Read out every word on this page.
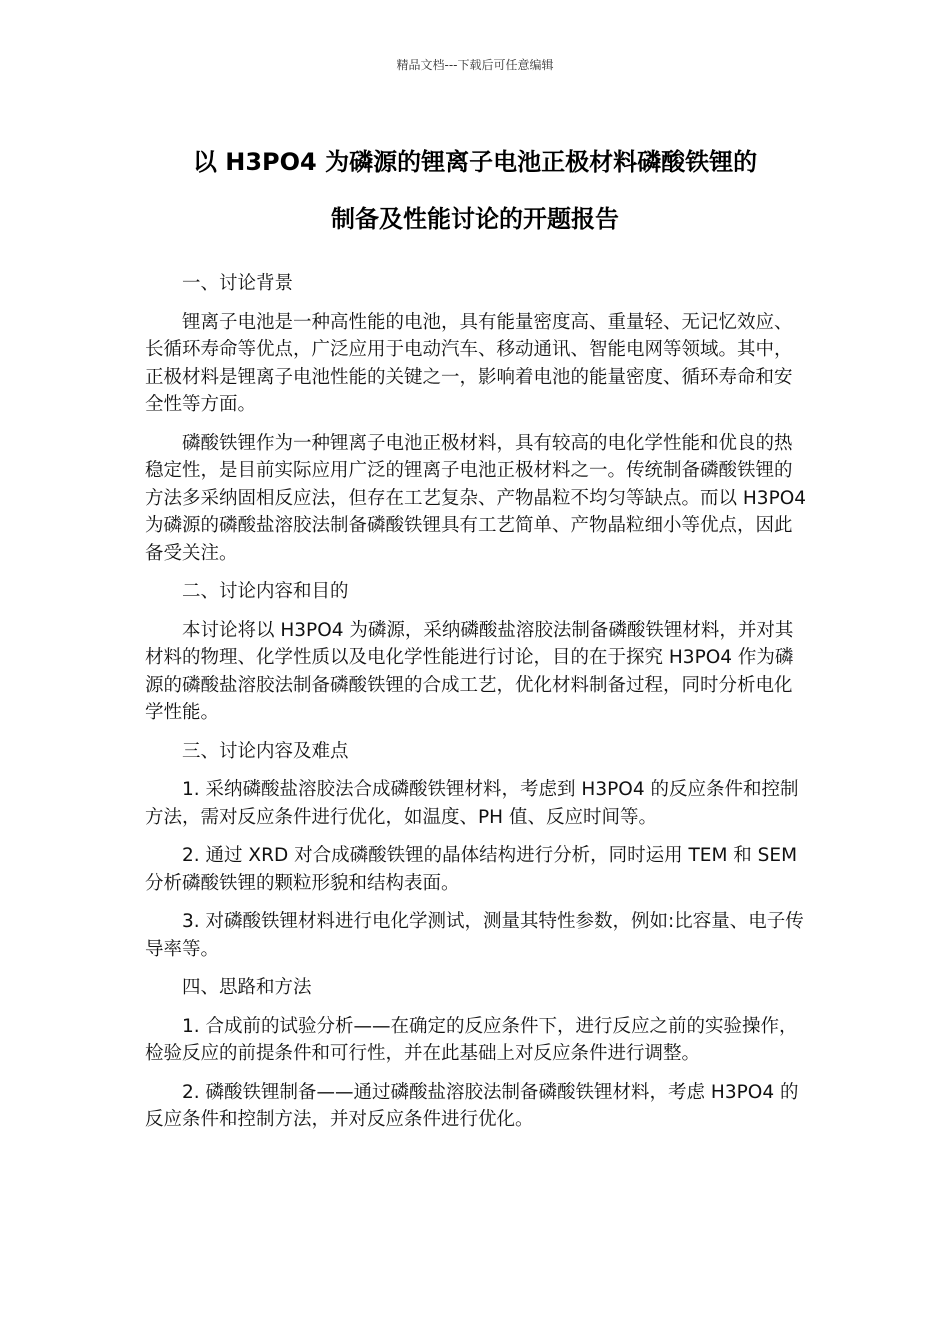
精品文档---下载后可任意编辑
以 H3PO4 为磷源的锂离子电池正极材料磷酸铁锂的
制备及性能讨论的开题报告

一、讨论背景

锂离子电池是一种高性能的电池，具有能量密度高、重量轻、无记忆效应、长循环寿命等优点，广泛应用于电动汽车、移动通讯、智能电网等领域。其中，正极材料是锂离子电池性能的关键之一，影响着电池的能量密度、循环寿命和安全性等方面。

磷酸铁锂作为一种锂离子电池正极材料，具有较高的电化学性能和优良的热稳定性，是目前实际应用广泛的锂离子电池正极材料之一。传统制备磷酸铁锂的方法多采纳固相反应法，但存在工艺复杂、产物晶粒不均匀等缺点。而以 H3PO4 为磷源的磷酸盐溶胶法制备磷酸铁锂具有工艺简单、产物晶粒细小等优点，因此备受关注。

二、讨论内容和目的

本讨论将以 H3PO4 为磷源，采纳磷酸盐溶胶法制备磷酸铁锂材料，并对其材料的物理、化学性质以及电化学性能进行讨论，目的在于探究 H3PO4 作为磷源的磷酸盐溶胶法制备磷酸铁锂的合成工艺，优化材料制备过程，同时分析电化学性能。

三、讨论内容及难点

1. 采纳磷酸盐溶胶法合成磷酸铁锂材料，考虑到 H3PO4 的反应条件和控制方法，需对反应条件进行优化，如温度、PH 值、反应时间等。

2. 通过 XRD 对合成磷酸铁锂的晶体结构进行分析，同时运用 TEM 和 SEM 分析磷酸铁锂的颗粒形貌和结构表面。

3. 对磷酸铁锂材料进行电化学测试，测量其特性参数，例如:比容量、电子传导率等。

四、思路和方法

1. 合成前的试验分析——在确定的反应条件下，进行反应之前的实验操作，检验反应的前提条件和可行性，并在此基础上对反应条件进行调整。

2. 磷酸铁锂制备——通过磷酸盐溶胶法制备磷酸铁锂材料，考虑 H3PO4 的反应条件和控制方法，并对反应条件进行优化。
